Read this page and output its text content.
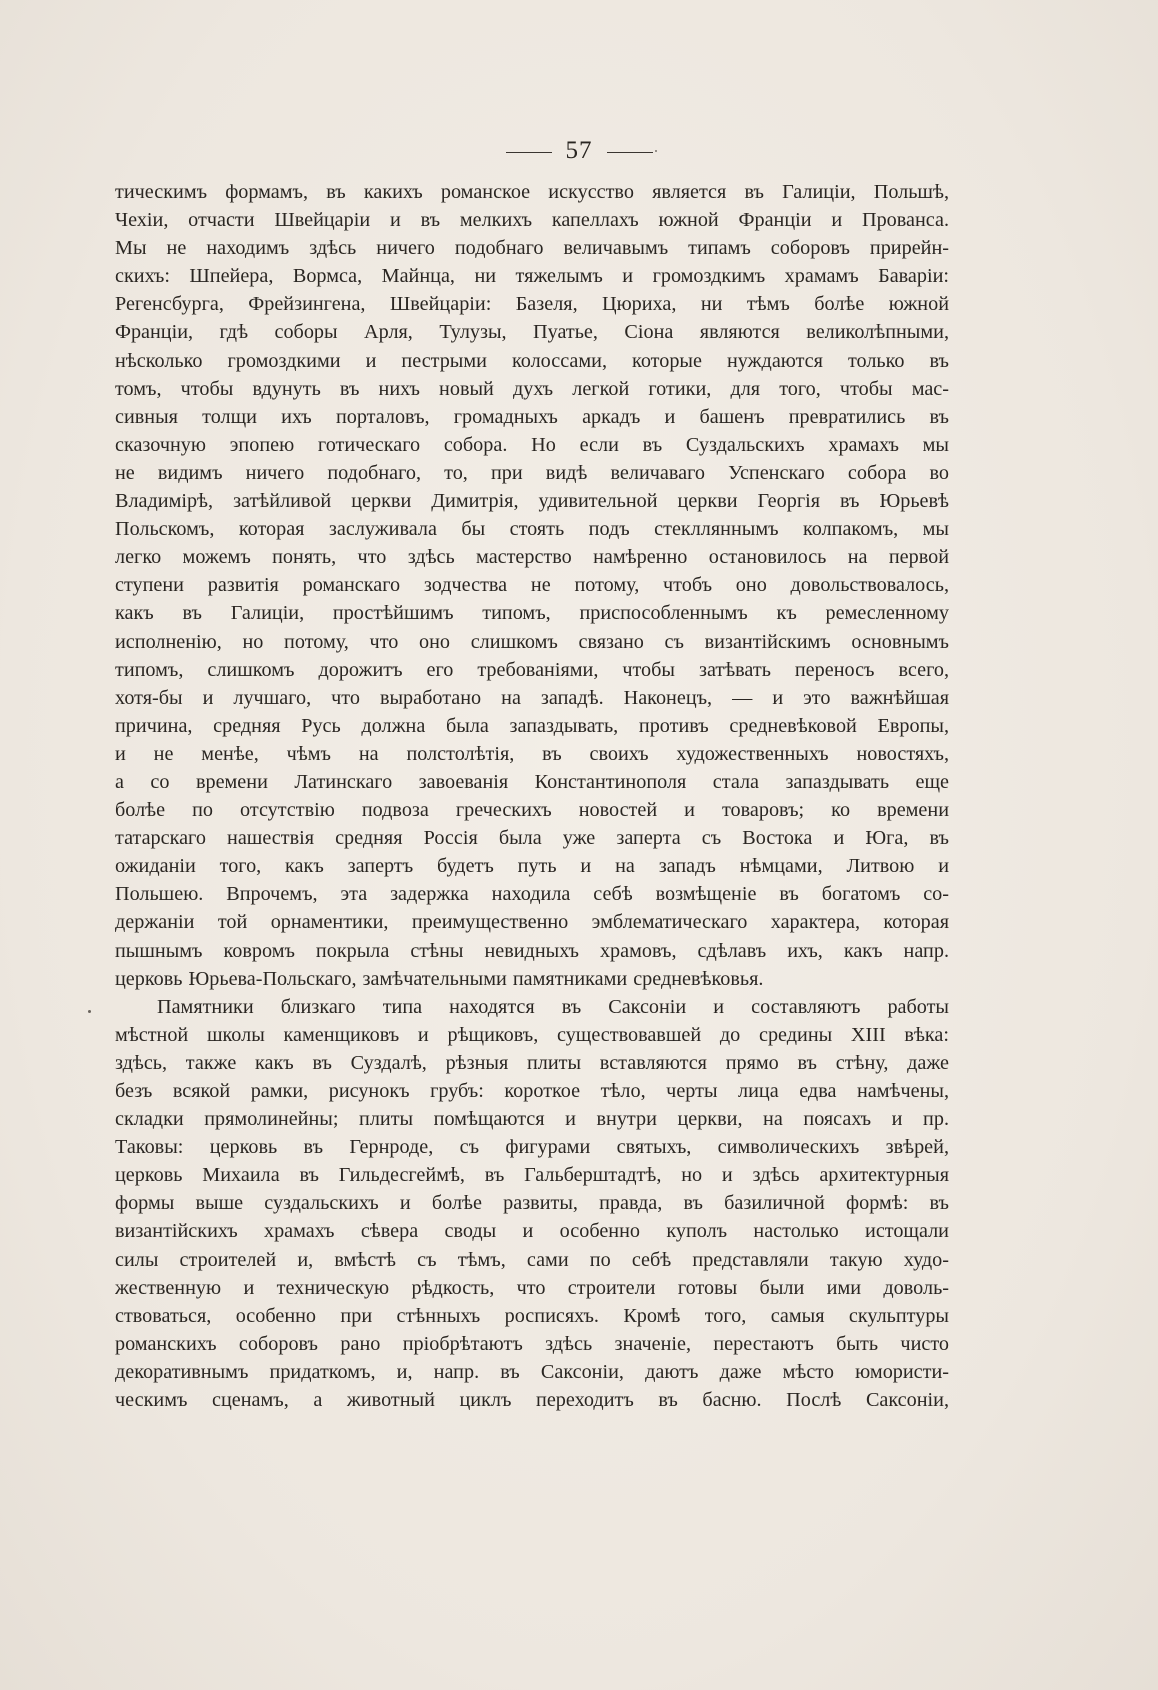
57
тическимъ формамъ, въ какихъ романское искусство является въ Галиціи, Польшѣ,
Чехіи, отчасти Швейцаріи и въ мелкихъ капеллахъ южной Франціи и Прованса.
Мы не находимъ здѣсь ничего подобнаго величавымъ типамъ соборовъ прирейн-
скихъ: Шпейера, Вормса, Майнца, ни тяжелымъ и громоздкимъ храмамъ Баваріи:
Регенсбурга, Фрейзингена, Швейцаріи: Базеля, Цюриха, ни тѣмъ болѣе южной
Франціи, гдѣ соборы Арля, Тулузы, Пуатье, Сіона являются великолѣпными,
нѣсколько громоздкими и пестрыми колоссами, которые нуждаются только въ
томъ, чтобы вдунуть въ нихъ новый духъ легкой готики, для того, чтобы мас-
сивныя толщи ихъ порталовъ, громадныхъ аркадъ и башенъ превратились въ
сказочную эпопею готическаго собора. Но если въ Суздальскихъ храмахъ мы
не видимъ ничего подобнаго, то, при видѣ величаваго Успенскаго собора во
Владимірѣ, затѣйливой церкви Димитрія, удивительной церкви Георгія въ Юрьевѣ
Польскомъ, которая заслуживала бы стоять подъ стеклляннымъ колпакомъ, мы
легко можемъ понять, что здѣсь мастерство намѣренно остановилось на первой
ступени развитія романскаго зодчества не потому, чтобъ оно довольствовалось,
какъ въ Галиціи, простѣйшимъ типомъ, приспособленнымъ къ ремесленному
исполненію, но потому, что оно слишкомъ связано съ византійскимъ основнымъ
типомъ, слишкомъ дорожитъ его требованіями, чтобы затѣвать переносъ всего,
хотя-бы и лучшаго, что выработано на западѣ. Наконецъ, — и это важнѣйшая
причина, средняя Русь должна была запаздывать, противъ средневѣковой Европы,
и не менѣе, чѣмъ на полстолѣтія, въ своихъ художественныхъ новостяхъ,
а со времени Латинскаго завоеванія Константинополя стала запаздывать еще
болѣе по отсутствію подвоза греческихъ новостей и товаровъ; ко времени
татарскаго нашествія средняя Россія была уже заперта съ Востока и Юга, въ
ожиданіи того, какъ запертъ будетъ путь и на западъ нѣмцами, Литвою и
Польшею. Впрочемъ, эта задержка находила себѣ возмѣщеніе въ богатомъ со-
держаніи той орнаментики, преимущественно эмблематическаго характера, которая
пышнымъ ковромъ покрыла стѣны невидныхъ храмовъ, сдѣлавъ ихъ, какъ напр.
церковь Юрьева-Польскаго, замѣчательными памятниками средневѣковья.
Памятники близкаго типа находятся въ Саксоніи и составляютъ работы
мѣстной школы каменщиковъ и рѣщиковъ, существовавшей до средины XIII вѣка:
здѣсь, также какъ въ Суздалѣ, рѣзныя плиты вставляются прямо въ стѣну, даже
безъ всякой рамки, рисунокъ грубъ: короткое тѣло, черты лица едва намѣчены,
складки прямолинейны; плиты помѣщаются и внутри церкви, на поясахъ и пр.
Таковы: церковь въ Гернроде, съ фигурами святыхъ, символическихъ звѣрей,
церковь Михаила въ Гильдесгеймѣ, въ Гальберштадтѣ, но и здѣсь архитектурныя
формы выше суздальскихъ и болѣе развиты, правда, въ базиличной формѣ: въ
византійскихъ храмахъ сѣвера своды и особенно куполъ настолько истощали
силы строителей и, вмѣстѣ съ тѣмъ, сами по себѣ представляли такую худо-
жественную и техническую рѣдкость, что строители готовы были ими доволь-
ствоваться, особенно при стѣнныхъ росписяхъ. Кромѣ того, самыя скульптуры
романскихъ соборовъ рано пріобрѣтаютъ здѣсь значеніе, перестаютъ быть чисто
декоративнымъ придаткомъ, и, напр. въ Саксоніи, даютъ даже мѣсто юмористи-
ческимъ сценамъ, а животный циклъ переходитъ въ басню. Послѣ Саксоніи,
